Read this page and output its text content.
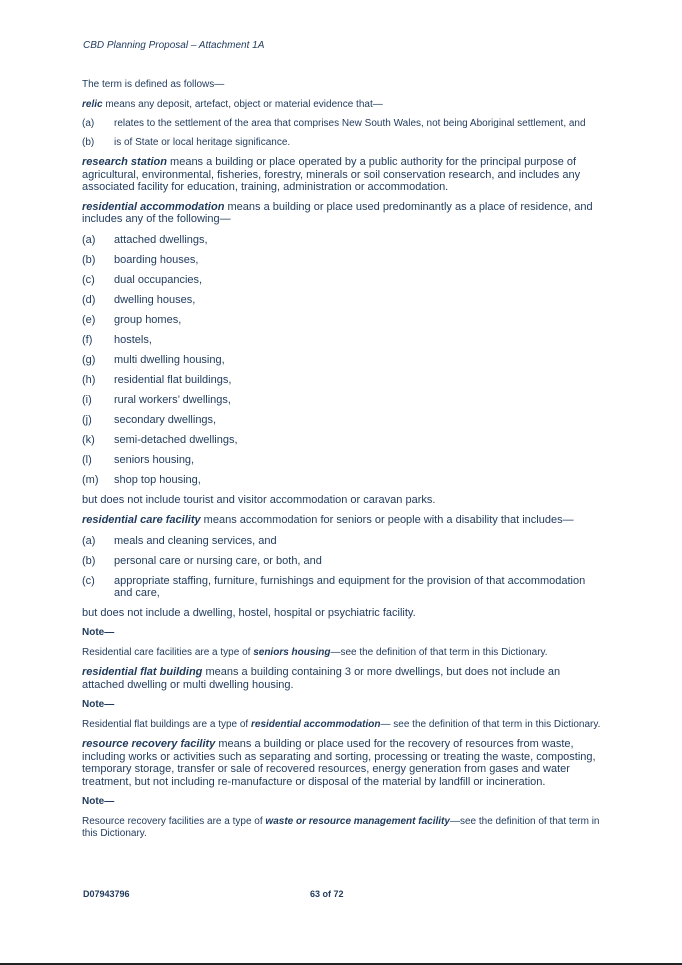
CBD Planning Proposal – Attachment 1A

The term is defined as follows—

relic means any deposit, artefact, object or material evidence that—

(a)	relates to the settlement of the area that comprises New South Wales, not being Aboriginal settlement, and
(b)	is of State or local heritage significance.

research station means a building or place operated by a public authority for the principal purpose of agricultural, environmental, fisheries, forestry, minerals or soil conservation research, and includes any associated facility for education, training, administration or accommodation.

residential accommodation means a building or place used predominantly as a place of residence, and includes any of the following—

(a)	attached dwellings,
(b)	boarding houses,
(c)	dual occupancies,
(d)	dwelling houses,
(e)	group homes,
(f)	hostels,
(g)	multi dwelling housing,
(h)	residential flat buildings,
(i)	rural workers’ dwellings,
(j)	secondary dwellings,
(k)	semi-detached dwellings,
(l)	seniors housing,
(m)	shop top housing,

but does not include tourist and visitor accommodation or caravan parks.

residential care facility means accommodation for seniors or people with a disability that includes—

(a)	meals and cleaning services, and
(b)	personal care or nursing care, or both, and
(c)	appropriate staffing, furniture, furnishings and equipment for the provision of that accommodation and care,

but does not include a dwelling, hostel, hospital or psychiatric facility.

Note—

Residential care facilities are a type of seniors housing—see the definition of that term in this Dictionary.

residential flat building means a building containing 3 or more dwellings, but does not include an attached dwelling or multi dwelling housing.

Note—

Residential flat buildings are a type of residential accommodation— see the definition of that term in this Dictionary.

resource recovery facility means a building or place used for the recovery of resources from waste, including works or activities such as separating and sorting, processing or treating the waste, composting, temporary storage, transfer or sale of recovered resources, energy generation from gases and water treatment, but not including re-manufacture or disposal of the material by landfill or incineration.

Note—

Resource recovery facilities are a type of waste or resource management facility—see the definition of that term in this Dictionary.

D07943796	63 of 72
